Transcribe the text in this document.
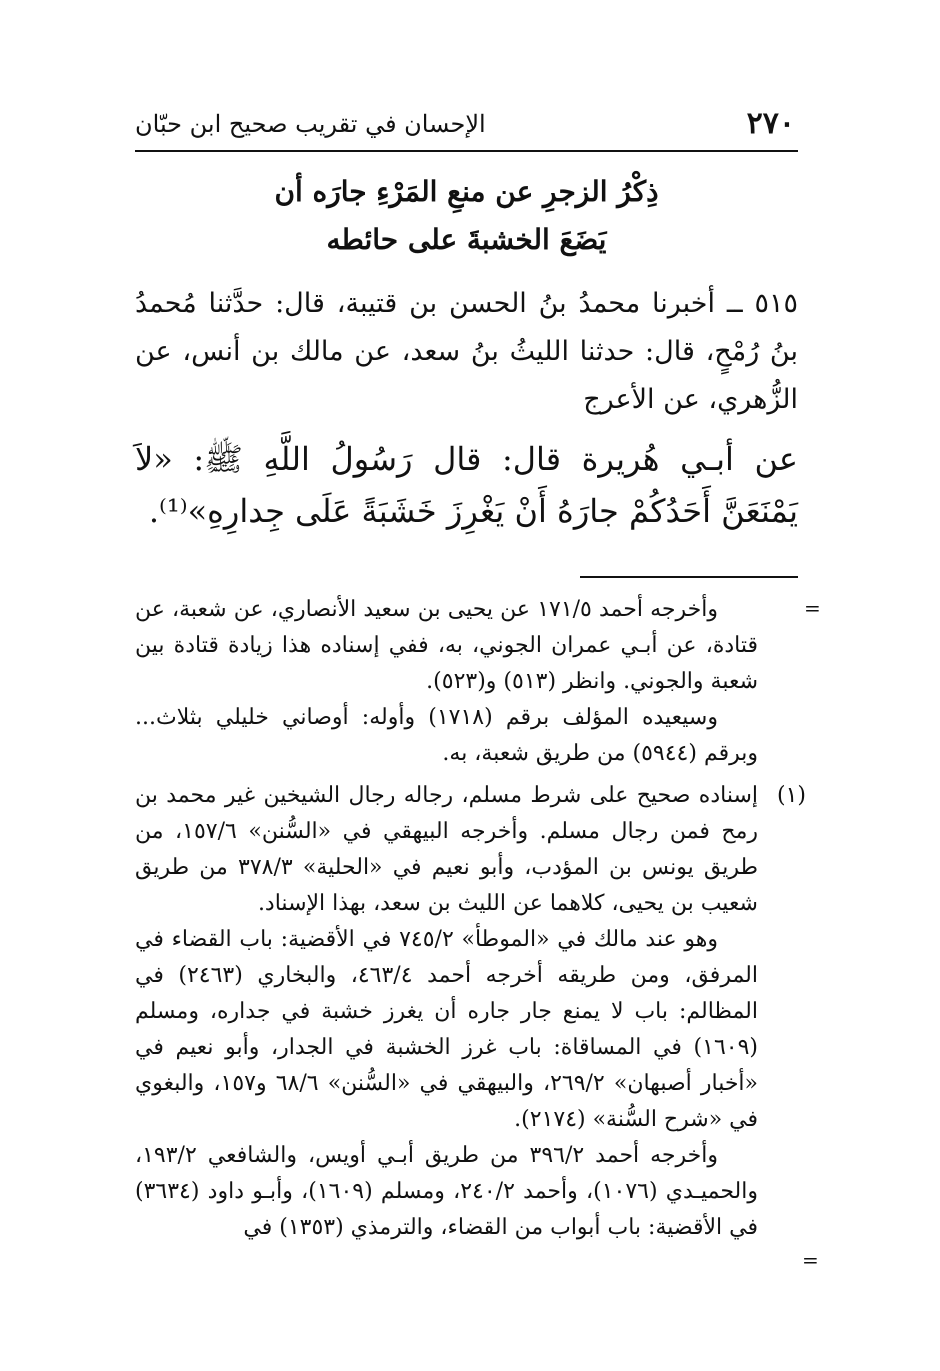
٢٧٠
الإحسان في تقريب صحيح ابن حبّان
ذِكْرُ الزجرِ عن منعِ المَرْءِ جارَه أن
يَضَعَ الخشبةَ على حائطه

٥١٥ ــ أخبرنا محمدُ بنُ الحسن بن قتيبة، قال: حدَّثنا مُحمدُ بنُ رُمْحٍ، قال: حدثنا الليثُ بنُ سعد، عن مالك بن أنس، عن الزُّهري، عن الأعرج

عن أبـي هُريرة قال: قال رَسُولُ اللَّهِ ﷺ: «لاَ يَمْنَعَنَّ أَحَدُكُمْ جارَهُ أَنْ يَغْرِزَ خَشَبَةً عَلَى جِدارِهِ»⁽¹⁾.

=

وأخرجه أحمد ١٧١/٥ عن يحيى بن سعيد الأنصاري، عن شعبة، عن قتادة، عن أبـي عمران الجوني، به، ففي إسناده هذا زيادة قتادة بين شعبة والجوني. وانظر (٥١٣) و(٥٢٣).

وسيعيده المؤلف برقم (١٧١٨) وأوله: أوصاني خليلي بثلاث... وبرقم (٥٩٤٤) من طريق شعبة، به.

(١)

إسناده صحيح على شرط مسلم، رجاله رجال الشيخين غير محمد بن رمح فمن رجال مسلم. وأخرجه البيهقي في «السُّنن» ١٥٧/٦، من طريق يونس بن المؤدب، وأبو نعيم في «الحلية» ٣٧٨/٣ من طريق شعيب بن يحيى، كلاهما عن الليث بن سعد، بهذا الإسناد.

وهو عند مالك في «الموطأ» ٧٤٥/٢ في الأقضية: باب القضاء في المرفق، ومن طريقه أخرجه أحمد ٤٦٣/٤، والبخاري (٢٤٦٣) في المظالم: باب لا يمنع جار جاره أن يغرز خشبة في جداره، ومسلم (١٦٠٩) في المساقاة: باب غرز الخشبة في الجدار، وأبو نعيم في «أخبار أصبهان» ٢٦٩/٢، والبيهقي في «السُّنن» ٦٨/٦ و١٥٧، والبغوي في «شرح السُّنة» (٢١٧٤).

وأخرجه أحمد ٣٩٦/٢ من طريق أبـي أويس، والشافعي ١٩٣/٢، والحميـدي (١٠٧٦)، وأحمد ٢٤٠/٢، ومسلم (١٦٠٩)، وأبـو داود (٣٦٣٤) في الأقضية: باب أبواب من القضاء، والترمذي (١٣٥٣) في

=
